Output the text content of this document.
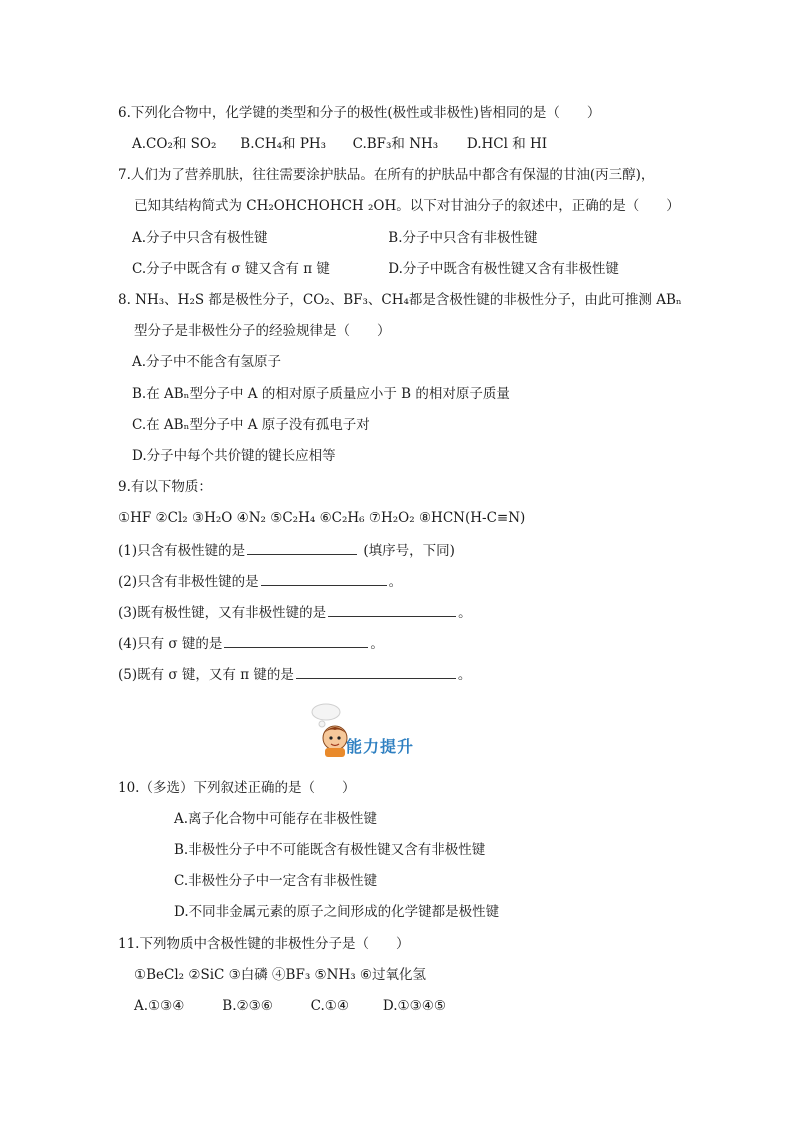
6.下列化合物中，化学键的类型和分子的极性(极性或非极性)皆相同的是（　　）
A.CO₂和 SO₂ B.CH₄和 PH₃ C.BF₃和 NH₃ D.HCl 和 HI
7.人们为了营养肌肤，往往需要涂护肤品。在所有的护肤品中都含有保湿的甘油(丙三醇)，
已知其结构简式为 CH₂OHCHOHCH ₂OH。以下对甘油分子的叙述中，正确的是（　　）
A.分子中只含有极性键	B.分子中只含有非极性键
C.分子中既含有 σ 键又含有 π 键	D.分子中既含有极性键又含有非极性键
8. NH₃、H₂S 都是极性分子，CO₂、BF₃、CH₄都是含极性键的非极性分子，由此可推测 ABₙ
型分子是非极性分子的经验规律是（　　）
A.分子中不能含有氢原子
B.在 ABₙ型分子中 A 的相对原子质量应小于 B 的相对原子质量
C.在 ABₙ型分子中 A 原子没有孤电子对
D.分子中每个共价键的键长应相等
9.有以下物质：
①HF ②Cl₂ ③H₂O ④N₂ ⑤C₂H₄ ⑥C₂H₆ ⑦H₂O₂ ⑧HCN(H-C≡N)
(1)只含有极性键的是	(填序号，下同)
(2)只含有非极性键的是	。
(3)既有极性键，又有非极性键的是	。
(4)只有 σ 键的是	。
(5)既有 σ 键，又有 π 键的是	。
能力提升
10.（多选）下列叙述正确的是（　　）
A.离子化合物中可能存在非极性键
B.非极性分子中不可能既含有极性键又含有非极性键
C.非极性分子中一定含有非极性键
D.不同非金属元素的原子之间形成的化学键都是极性键
11.下列物质中含极性键的非极性分子是（　　）
①BeCl₂ ②SiC ③白磷 ④BF₃ ⑤NH₃ ⑥过氧化氢
A.①③④	B.②③⑥	C.①④	D.①③④⑤
